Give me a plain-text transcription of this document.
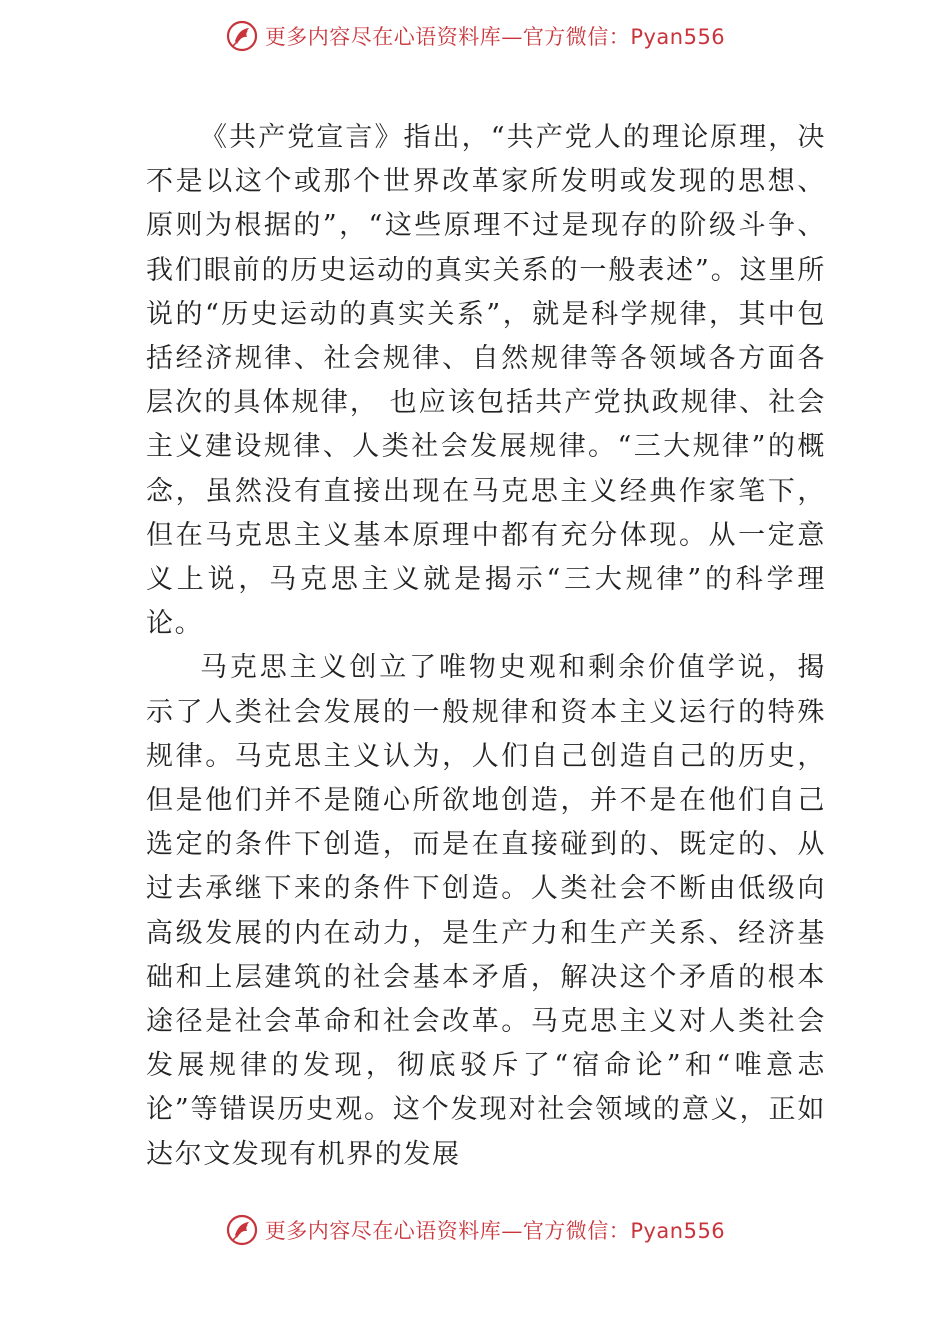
更多内容尽在心语资料库—官方微信：Pyan556

《共产党宣言》指出，“共产党人的理论原理，决不是以这个或那个世界改革家所发明或发现的思想、原则为根据的”，“这些原理不过是现存的阶级斗争、我们眼前的历史运动的真实关系的一般表述”。这里所说的“历史运动的真实关系”，就是科学规律，其中包括经济规律、社会规律、自然规律等各领域各方面各层次的具体规律， 也应该包括共产党执政规律、社会主义建设规律、人类社会发展规律。“三大规律”的概念，虽然没有直接出现在马克思主义经典作家笔下，但在马克思主义基本原理中都有充分体现。从一定意义上说，马克思主义就是揭示“三大规律”的科学理论。

马克思主义创立了唯物史观和剩余价值学说，揭示了人类社会发展的一般规律和资本主义运行的特殊规律。马克思主义认为，人们自己创造自己的历史，但是他们并不是随心所欲地创造，并不是在他们自己选定的条件下创造，而是在直接碰到的、既定的、从过去承继下来的条件下创造。人类社会不断由低级向高级发展的内在动力，是生产力和生产关系、经济基础和上层建筑的社会基本矛盾，解决这个矛盾的根本途径是社会革命和社会改革。马克思主义对人类社会发展规律的发现，彻底驳斥了“宿命论”和“唯意志论”等错误历史观。这个发现对社会领域的意义，正如达尔文发现有机界的发展

更多内容尽在心语资料库—官方微信：Pyan556
